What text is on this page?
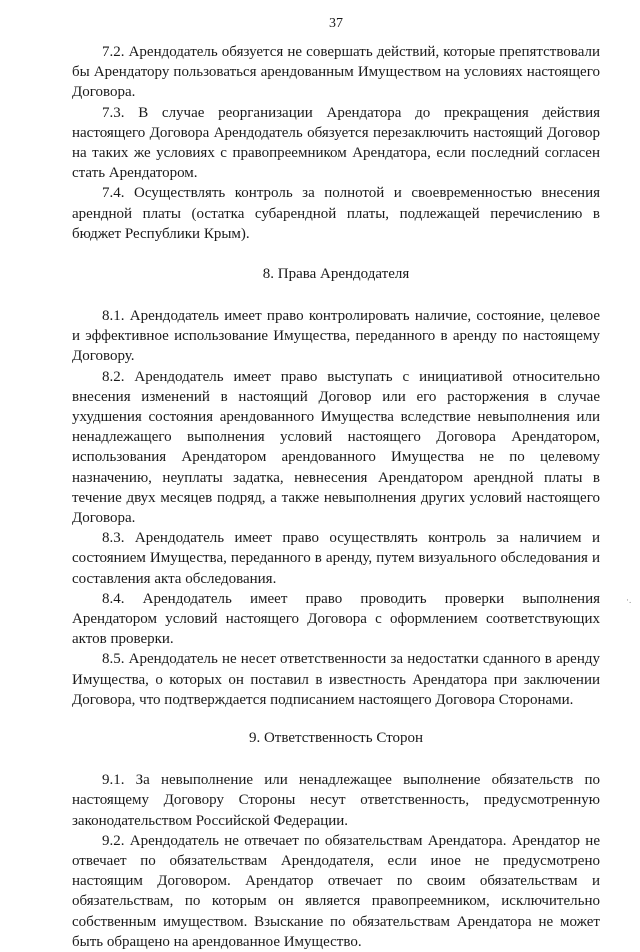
37

7.2. Арендодатель обязуется не совершать действий, которые препятствовали бы Арендатору пользоваться арендованным Имуществом на условиях настоящего Договора.

7.3. В случае реорганизации Арендатора до прекращения действия настоящего Договора Арендодатель обязуется перезаключить настоящий Договор на таких же условиях с правопреемником Арендатора, если последний согласен стать Арендатором.

7.4. Осуществлять контроль за полнотой и своевременностью внесения арендной платы (остатка субарендной платы, подлежащей перечислению в бюджет Республики Крым).

8. Права Арендодателя

8.1. Арендодатель имеет право контролировать наличие, состояние, целевое и эффективное использование Имущества, переданного в аренду по настоящему Договору.

8.2. Арендодатель имеет право выступать с инициативой относительно внесения изменений в настоящий Договор или его расторжения в случае ухудшения состояния арендованного Имущества вследствие невыполнения или ненадлежащего выполнения условий настоящего Договора Арендатором, использования Арендатором арендованного Имущества не по целевому назначению, неуплаты задатка, невнесения Арендатором арендной платы в течение двух месяцев подряд, а также невыполнения других условий настоящего Договора.

8.3. Арендодатель имеет право осуществлять контроль за наличием и состоянием Имущества, переданного в аренду, путем визуального обследования и составления акта обследования.

8.4. Арендодатель имеет право проводить проверки выполнения Арендатором условий настоящего Договора с оформлением соответствующих актов проверки.

8.5. Арендодатель не несет ответственности за недостатки сданного в аренду Имущества, о которых он поставил в известность Арендатора при заключении Договора, что подтверждается подписанием настоящего Договора Сторонами.

9. Ответственность Сторон

9.1. За невыполнение или ненадлежащее выполнение обязательств по настоящему Договору Стороны несут ответственность, предусмотренную законодательством Российской Федерации.

9.2. Арендодатель не отвечает по обязательствам Арендатора. Арендатор не отвечает по обязательствам Арендодателя, если иное не предусмотрено настоящим Договором. Арендатор отвечает по своим обязательствам и обязательствам, по которым он является правопреемником, исключительно собственным имуществом. Взыскание по обязательствам Арендатора не может быть обращено на арендованное Имущество.

·.
